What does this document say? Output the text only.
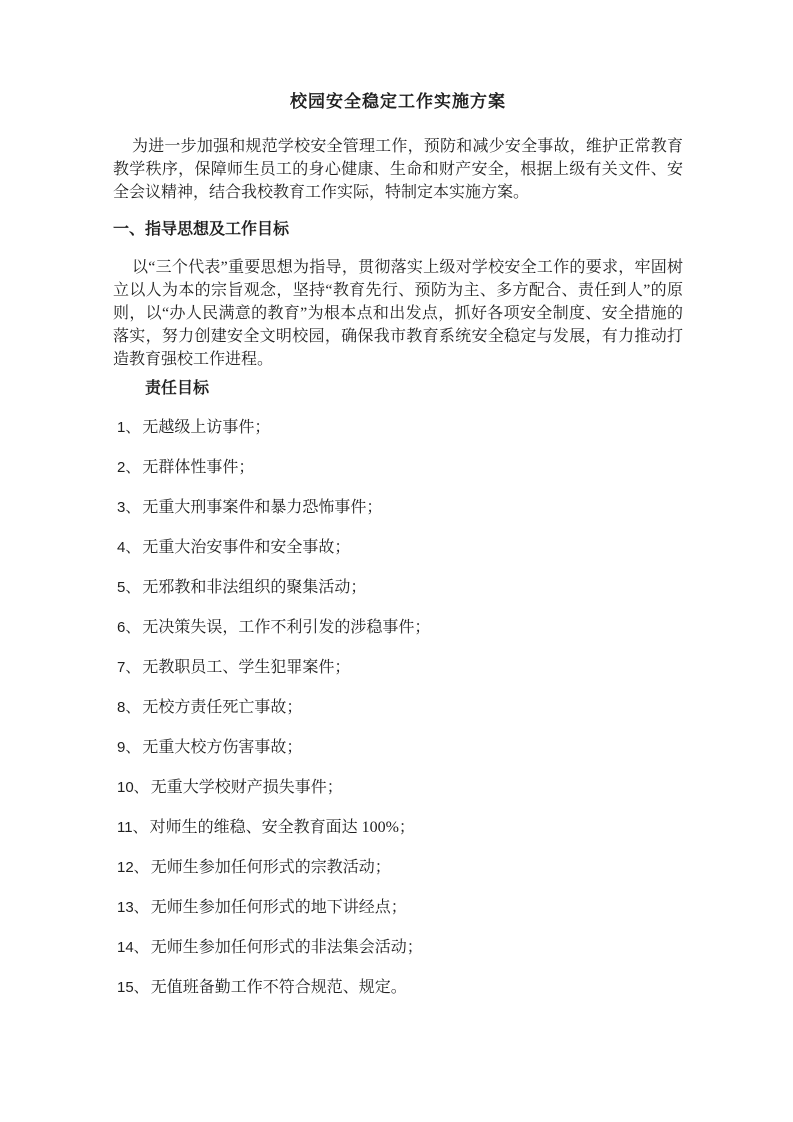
校园安全稳定工作实施方案

为进一步加强和规范学校安全管理工作，预防和减少安全事故，维护正常教育教学秩序，保障师生员工的身心健康、生命和财产安全，根据上级有关文件、安全会议精神，结合我校教育工作实际，特制定本实施方案。

一、指导思想及工作目标

以“三个代表”重要思想为指导，贯彻落实上级对学校安全工作的要求，牢固树立以人为本的宗旨观念，坚持“教育先行、预防为主、多方配合、责任到人”的原则，以“办人民满意的教育”为根本点和出发点，抓好各项安全制度、安全措施的落实，努力创建安全文明校园，确保我市教育系统安全稳定与发展，有力推动打造教育强校工作进程。

责任目标
1、 无越级上访事件；
2、 无群体性事件；
3、 无重大刑事案件和暴力恐怖事件；
4、 无重大治安事件和安全事故；
5、 无邪教和非法组织的聚集活动；
6、 无决策失误，工作不利引发的涉稳事件；
7、 无教职员工、学生犯罪案件；
8、 无校方责任死亡事故；
9、 无重大校方伤害事故；
10、 无重大学校财产损失事件；
11、 对师生的维稳、安全教育面达 100%；
12、 无师生参加任何形式的宗教活动；
13、 无师生参加任何形式的地下讲经点；
14、 无师生参加任何形式的非法集会活动；
15、 无值班备勤工作不符合规范、规定。
